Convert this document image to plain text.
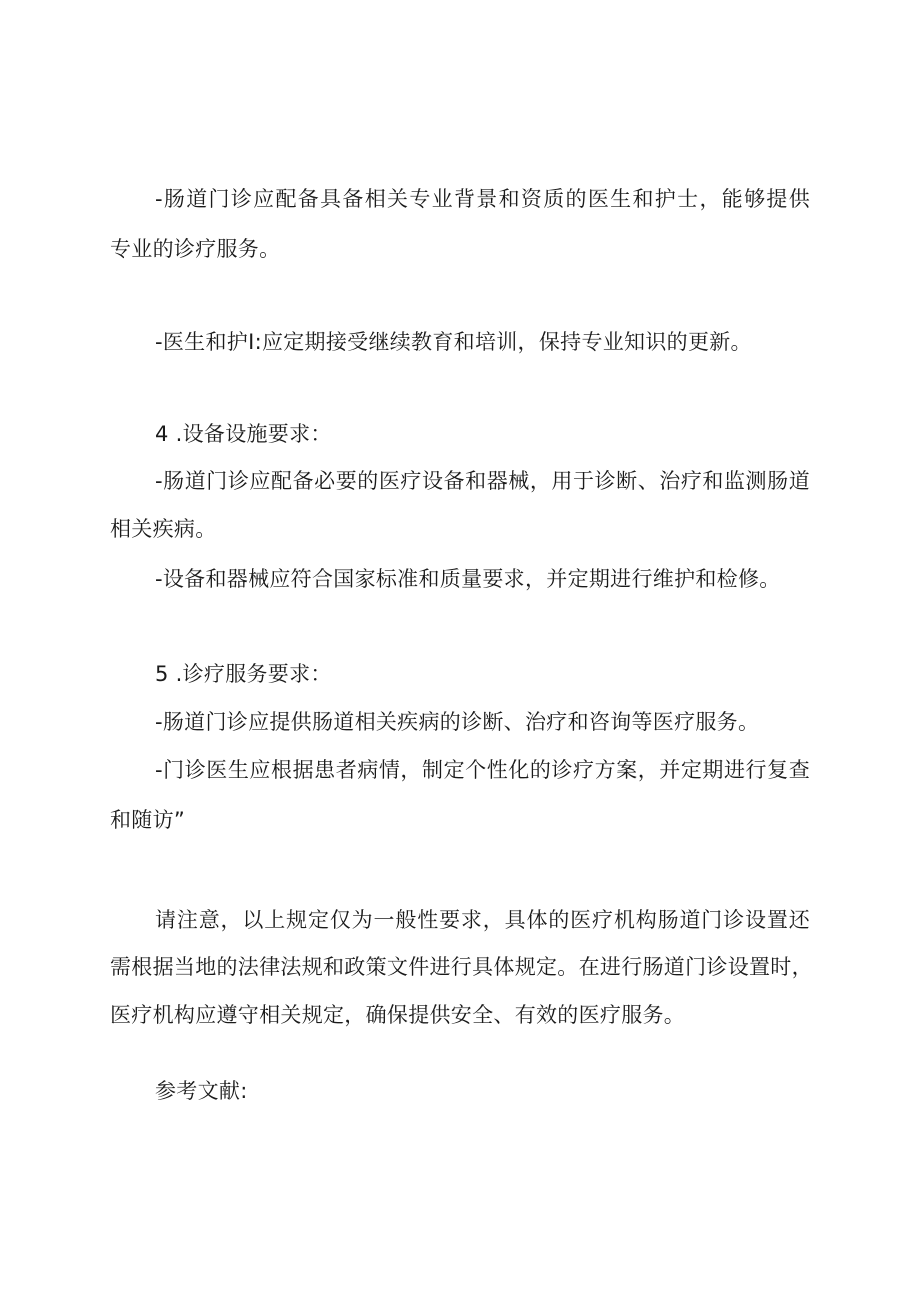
-肠道门诊应配备具备相关专业背景和资质的医生和护士，能够提供
专业的诊疗服务。
-医生和护Ⅰ:应定期接受继续教育和培训，保持专业知识的更新。
4 .设备设施要求：
-肠道门诊应配备必要的医疗设备和器械，用于诊断、治疗和监测肠道
相关疾病。
-设备和器械应符合国家标准和质量要求，并定期进行维护和检修。
5 .诊疗服务要求：
-肠道门诊应提供肠道相关疾病的诊断、治疗和咨询等医疗服务。
-门诊医生应根据患者病情，制定个性化的诊疗方案，并定期进行复查
和随访”
请注意，以上规定仅为一般性要求，具体的医疗机构肠道门诊设置还
需根据当地的法律法规和政策文件进行具体规定。在进行肠道门诊设置时，
医疗机构应遵守相关规定，确保提供安全、有效的医疗服务。
参考文献:
